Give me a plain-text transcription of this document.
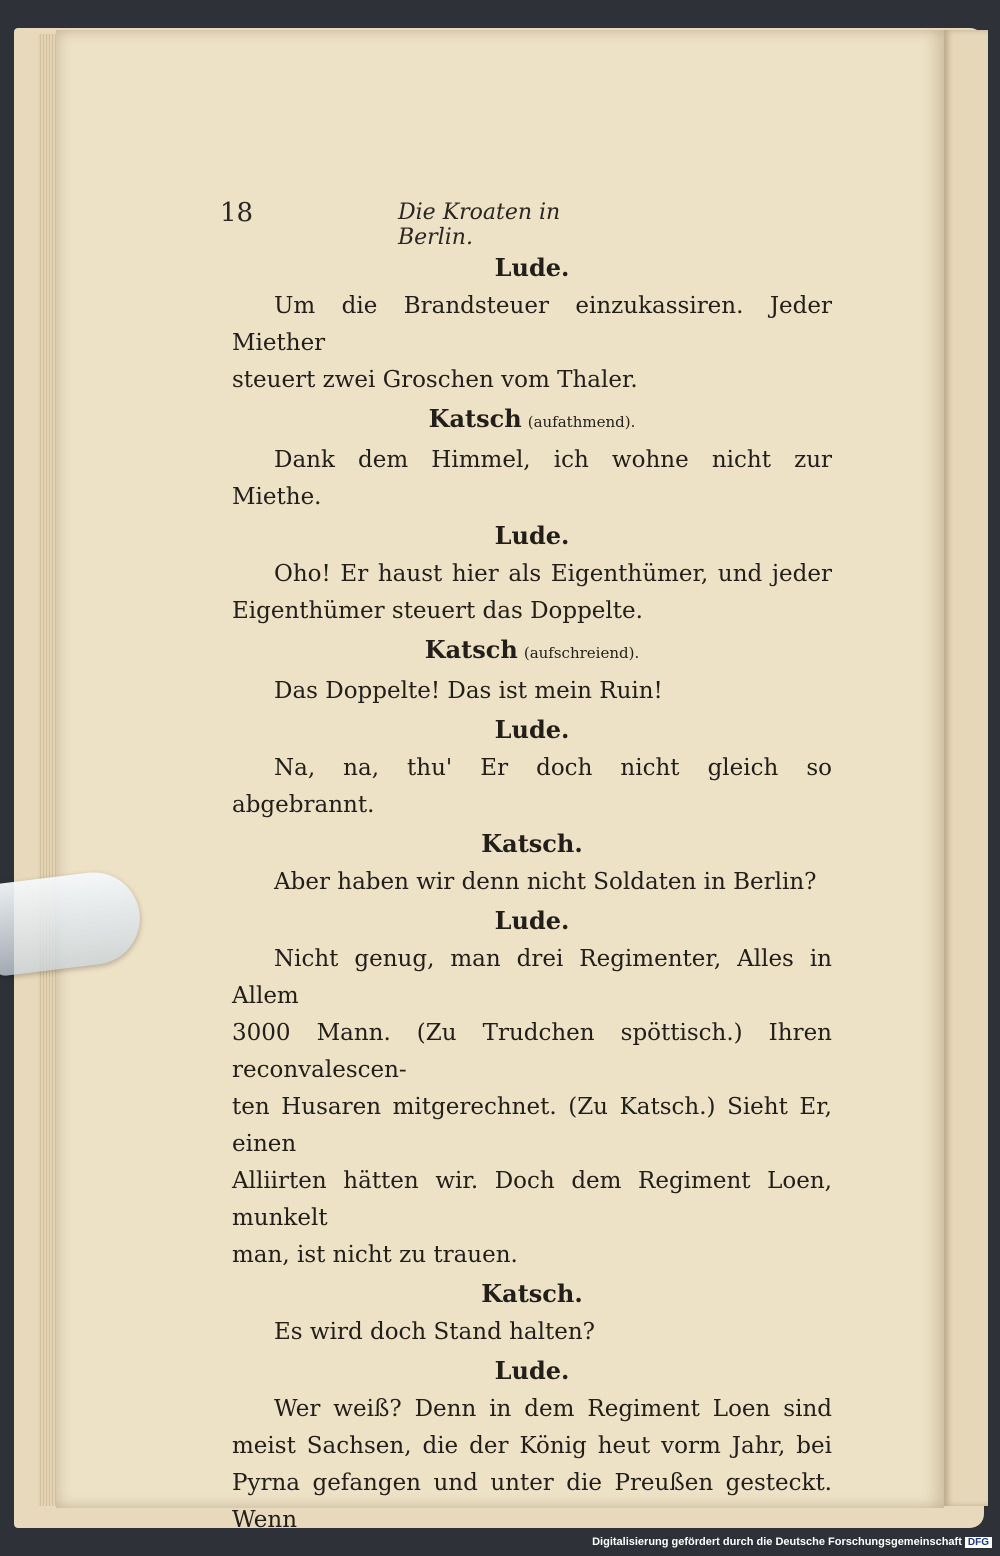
18	Die Kroaten in Berlin.
Lude.
Um die Brandsteuer einzukassiren. Jeder Miether
steuert zwei Groschen vom Thaler.
Katsch (aufathmend).
Dank dem Himmel, ich wohne nicht zur Miethe.
Lude.
Oho! Er haust hier als Eigenthümer, und jeder
Eigenthümer steuert das Doppelte.
Katsch (aufschreiend).
Das Doppelte! Das ist mein Ruin!
Lude.
Na, na, thu' Er doch nicht gleich so abgebrannt.
Katsch.
Aber haben wir denn nicht Soldaten in Berlin?
Lude.
Nicht genug, man drei Regimenter, Alles in Allem
3000 Mann. (Zu Trudchen spöttisch.) Ihren reconvalescen-
ten Husaren mitgerechnet. (Zu Katsch.) Sieht Er, einen
Alliirten hätten wir. Doch dem Regiment Loen, munkelt
man, ist nicht zu trauen.
Katsch.
Es wird doch Stand halten?
Lude.
Wer weiß? Denn in dem Regiment Loen sind
meist Sachsen, die der König heut vorm Jahr, bei
Pyrna gefangen und unter die Preußen gesteckt. Wenn
Digitalisierung gefördert durch die Deutsche Forschungsgemeinschaft DFG
